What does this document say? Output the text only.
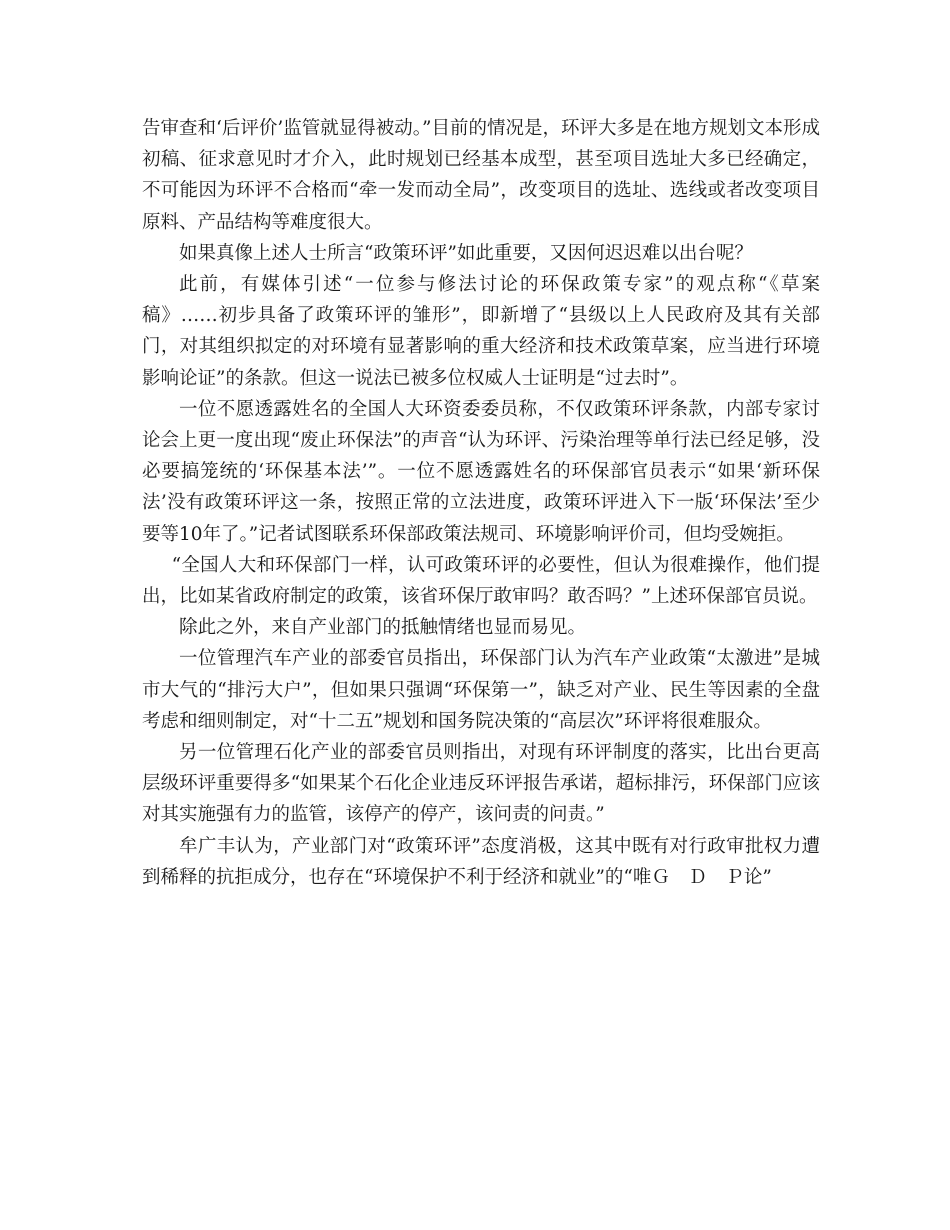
告审查和‘后评价’监管就显得被动。”目前的情况是，环评大多是在地方规划文本形成初稿、征求意见时才介入，此时规划已经基本成型，甚至项目选址大多已经确定，不可能因为环评不合格而“牵一发而动全局”，改变项目的选址、选线或者改变项目原料、产品结构等难度很大。

如果真像上述人士所言“政策环评”如此重要，又因何迟迟难以出台呢？

此前，有媒体引述“一位参与修法讨论的环保政策专家”的观点称“《草案稿》……初步具备了政策环评的雏形”，即新增了“县级以上人民政府及其有关部门，对其组织拟定的对环境有显著影响的重大经济和技术政策草案，应当进行环境影响论证”的条款。但这一说法已被多位权威人士证明是“过去时”。

一位不愿透露姓名的全国人大环资委委员称，不仅政策环评条款，内部专家讨论会上更一度出现“废止环保法”的声音“认为环评、污染治理等单行法已经足够，没必要搞笼统的‘环保基本法’”。一位不愿透露姓名的环保部官员表示“如果‘新环保法’没有政策环评这一条，按照正常的立法进度，政策环评进入下一版‘环保法’至少要等10年了。”记者试图联系环保部政策法规司、环境影响评价司，但均受婉拒。

“全国人大和环保部门一样，认可政策环评的必要性，但认为很难操作，他们提出，比如某省政府制定的政策，该省环保厅敢审吗？敢否吗？”上述环保部官员说。

除此之外，来自产业部门的抵触情绪也显而易见。

一位管理汽车产业的部委官员指出，环保部门认为汽车产业政策“太激进”是城市大气的“排污大户”，但如果只强调“环保第一”，缺乏对产业、民生等因素的全盘考虑和细则制定，对“十二五”规划和国务院决策的“高层次”环评将很难服众。

另一位管理石化产业的部委官员则指出，对现有环评制度的落实，比出台更高层级环评重要得多“如果某个石化企业违反环评报告承诺，超标排污，环保部门应该对其实施强有力的监管，该停产的停产，该问责的问责。”

牟广丰认为，产业部门对“政策环评”态度消极，这其中既有对行政审批权力遭到稀释的抗拒成分，也存在“环境保护不利于经济和就业”的“唯Ｇ　Ｄ　Ｐ论”
